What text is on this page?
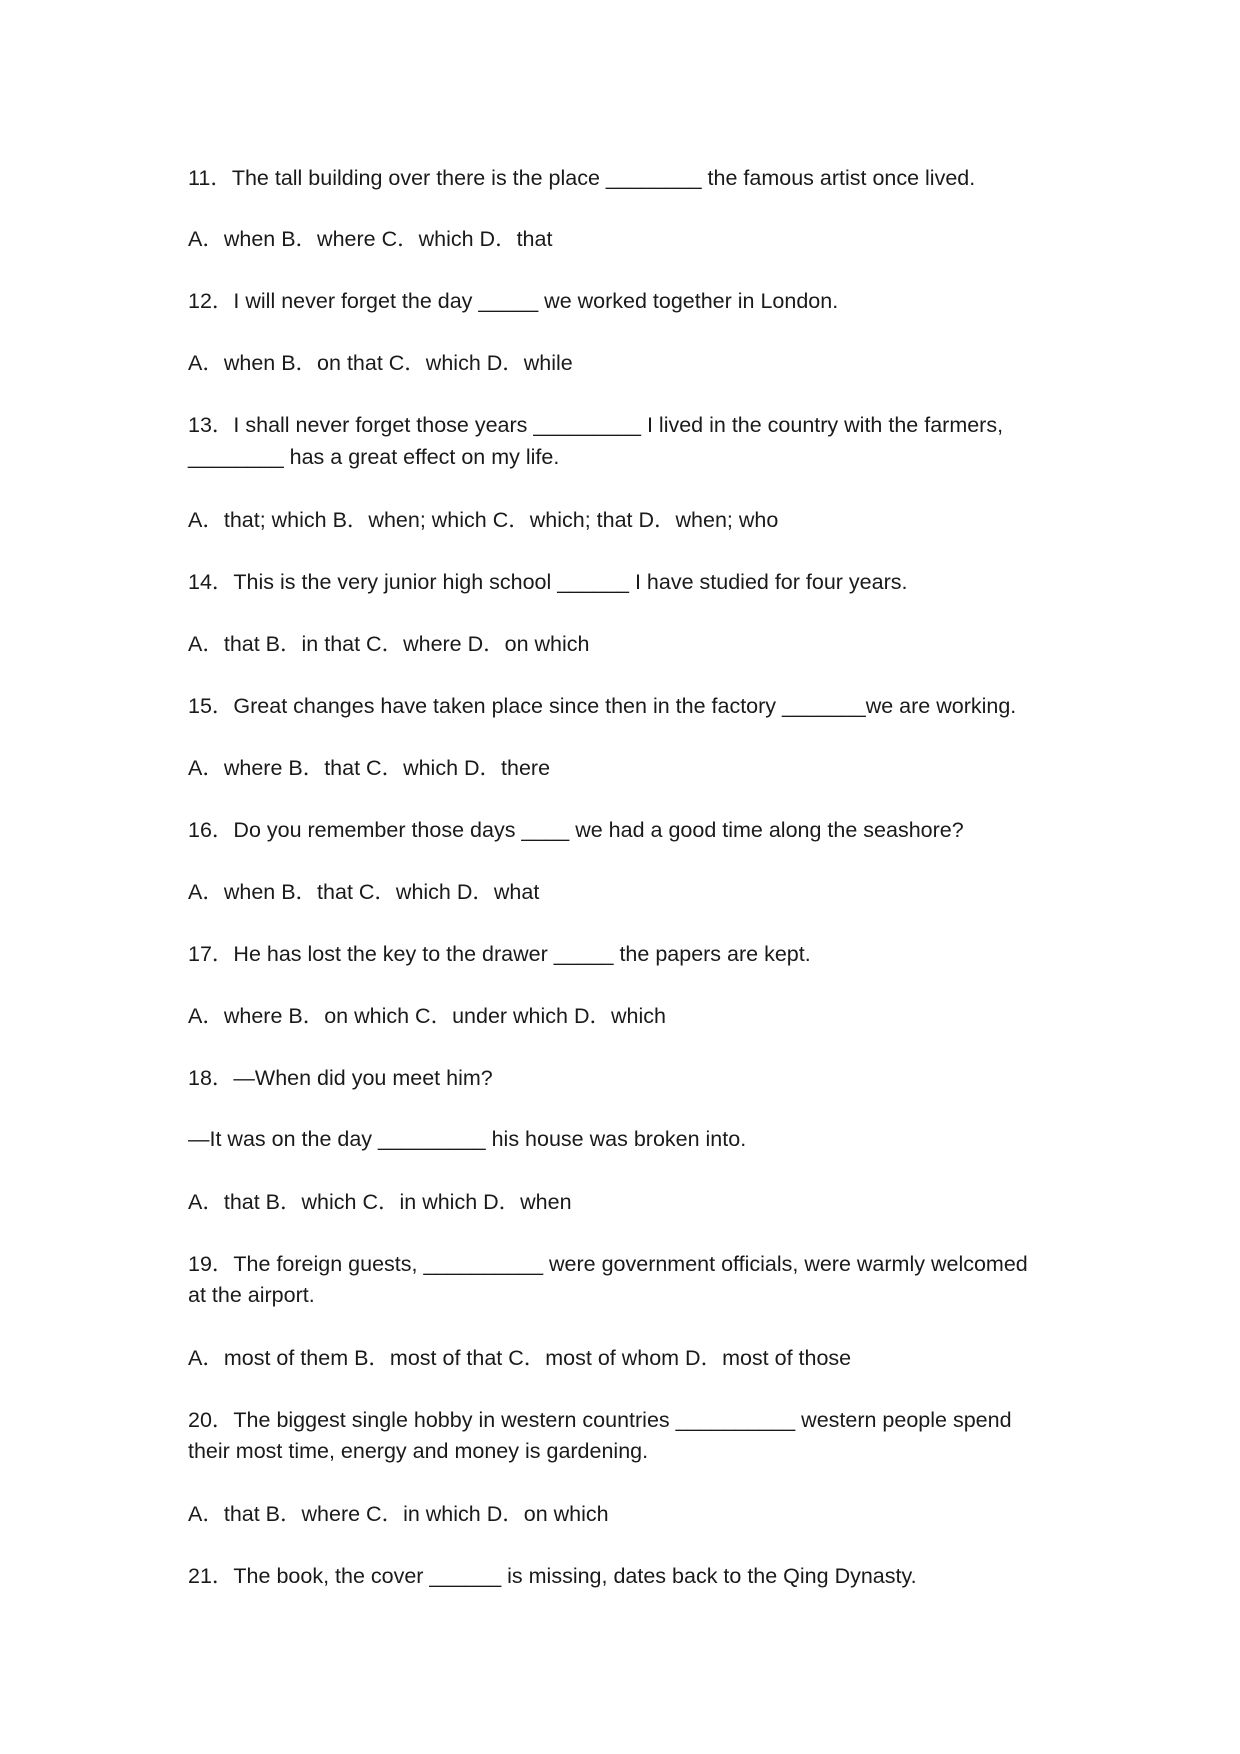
11．The tall building over there is the place ________ the famous artist once lived.

A．when B．where C．which D．that

12．I will never forget the day _____ we worked together in London.

A．when B．on that C．which D．while

13．I shall never forget those years _________ I lived in the country with the farmers,

________ has a great effect on my life.

A．that; which B．when; which C．which; that D．when; who

14．This is the very junior high school ______ I have studied for four years.

A．that B．in that C．where D．on which

15．Great changes have taken place since then in the factory _______we are working.

A．where B．that C．which D．there

16．Do you remember those days ____ we had a good time along the seashore?

A．when B．that C．which D．what

17．He has lost the key to the drawer _____ the papers are kept.

A．where B．on which C．under which D．which

18．—When did you meet him?

—It was on the day _________ his house was broken into.

A．that B．which C．in which D．when

19．The foreign guests, __________ were government officials, were warmly welcomed

at the airport.

A．most of them B．most of that C．most of whom D．most of those

20．The biggest single hobby in western countries __________ western people spend

their most time, energy and money is gardening.

A．that B．where C．in which D．on which

21．The book, the cover ______ is missing, dates back to the Qing Dynasty.
